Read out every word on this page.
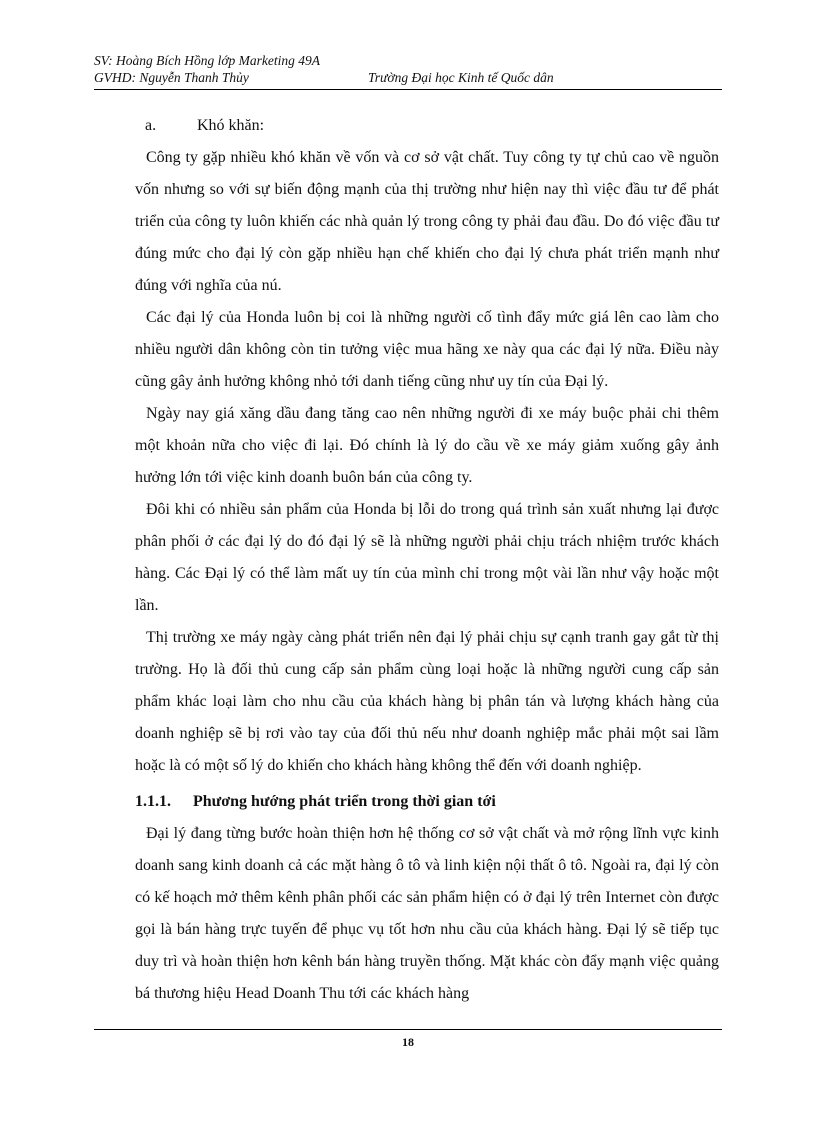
SV: Hoàng Bích Hồng lớp Marketing 49A
GVHD: Nguyễn Thanh Thủy	Trường Đại học Kinh tế Quốc dân
a.	Khó khăn:

Công ty gặp nhiều khó khăn về vốn và cơ sở vật chất. Tuy công ty tự chủ cao về nguồn vốn nhưng so với sự biến động mạnh của thị trường như hiện nay thì việc đầu tư để phát triển của công ty luôn khiến các nhà quản lý trong công ty phải đau đầu. Do đó việc đầu tư đúng mức cho đại lý còn gặp nhiều hạn chế khiến cho đại lý chưa phát triển mạnh như đúng với nghĩa của nú.

Các đại lý của Honda luôn bị coi là những người cố tình đẩy mức giá lên cao làm cho nhiều người dân không còn tin tưởng việc mua hãng xe này qua các đại lý nữa. Điều này cũng gây ảnh hưởng không nhỏ tới danh tiếng cũng như uy tín của Đại lý.

Ngày nay giá xăng dầu đang tăng cao nên những người đi xe máy buộc phải chi thêm một khoản nữa cho việc đi lại. Đó chính là lý do cầu về xe máy giảm xuống gây ảnh hưởng lớn tới việc kinh doanh buôn bán của công ty.

Đôi khi có nhiều sản phẩm của Honda bị lỗi do trong quá trình sản xuất nhưng lại được phân phối ở các đại lý do đó đại lý sẽ là những người phải chịu trách nhiệm trước khách hàng. Các Đại lý có thể làm mất uy tín của mình chỉ trong một vài lần như vậy hoặc một lần.

Thị trường xe máy ngày càng phát triển nên đại lý phải chịu sự cạnh tranh gay gắt từ thị trường. Họ là đối thủ cung cấp sản phẩm cùng loại hoặc là những người cung cấp sản phẩm khác loại làm cho nhu cầu của khách hàng bị phân tán và lượng khách hàng của doanh nghiệp sẽ bị rơi vào tay của đối thủ nếu như doanh nghiệp mắc phải một sai lầm hoặc là có một số lý do khiến cho khách hàng không thể đến với doanh nghiệp.

1.1.1.	Phương hướng phát triển trong thời gian tới

Đại lý đang từng bước hoàn thiện hơn hệ thống cơ sở vật chất và mở rộng lĩnh vực kinh doanh sang kinh doanh cả các mặt hàng ô tô và linh kiện nội thất ô tô. Ngoài ra, đại lý còn có kế hoạch mở thêm kênh phân phối các sản phẩm hiện có ở đại lý trên Internet còn được gọi là bán hàng trực tuyến để phục vụ tốt hơn nhu cầu của khách hàng. Đại lý sẽ tiếp tục duy trì và hoàn thiện hơn kênh bán hàng truyền thống. Mặt khác còn đẩy mạnh việc quảng bá thương hiệu Head Doanh Thu tới các khách hàng

18
